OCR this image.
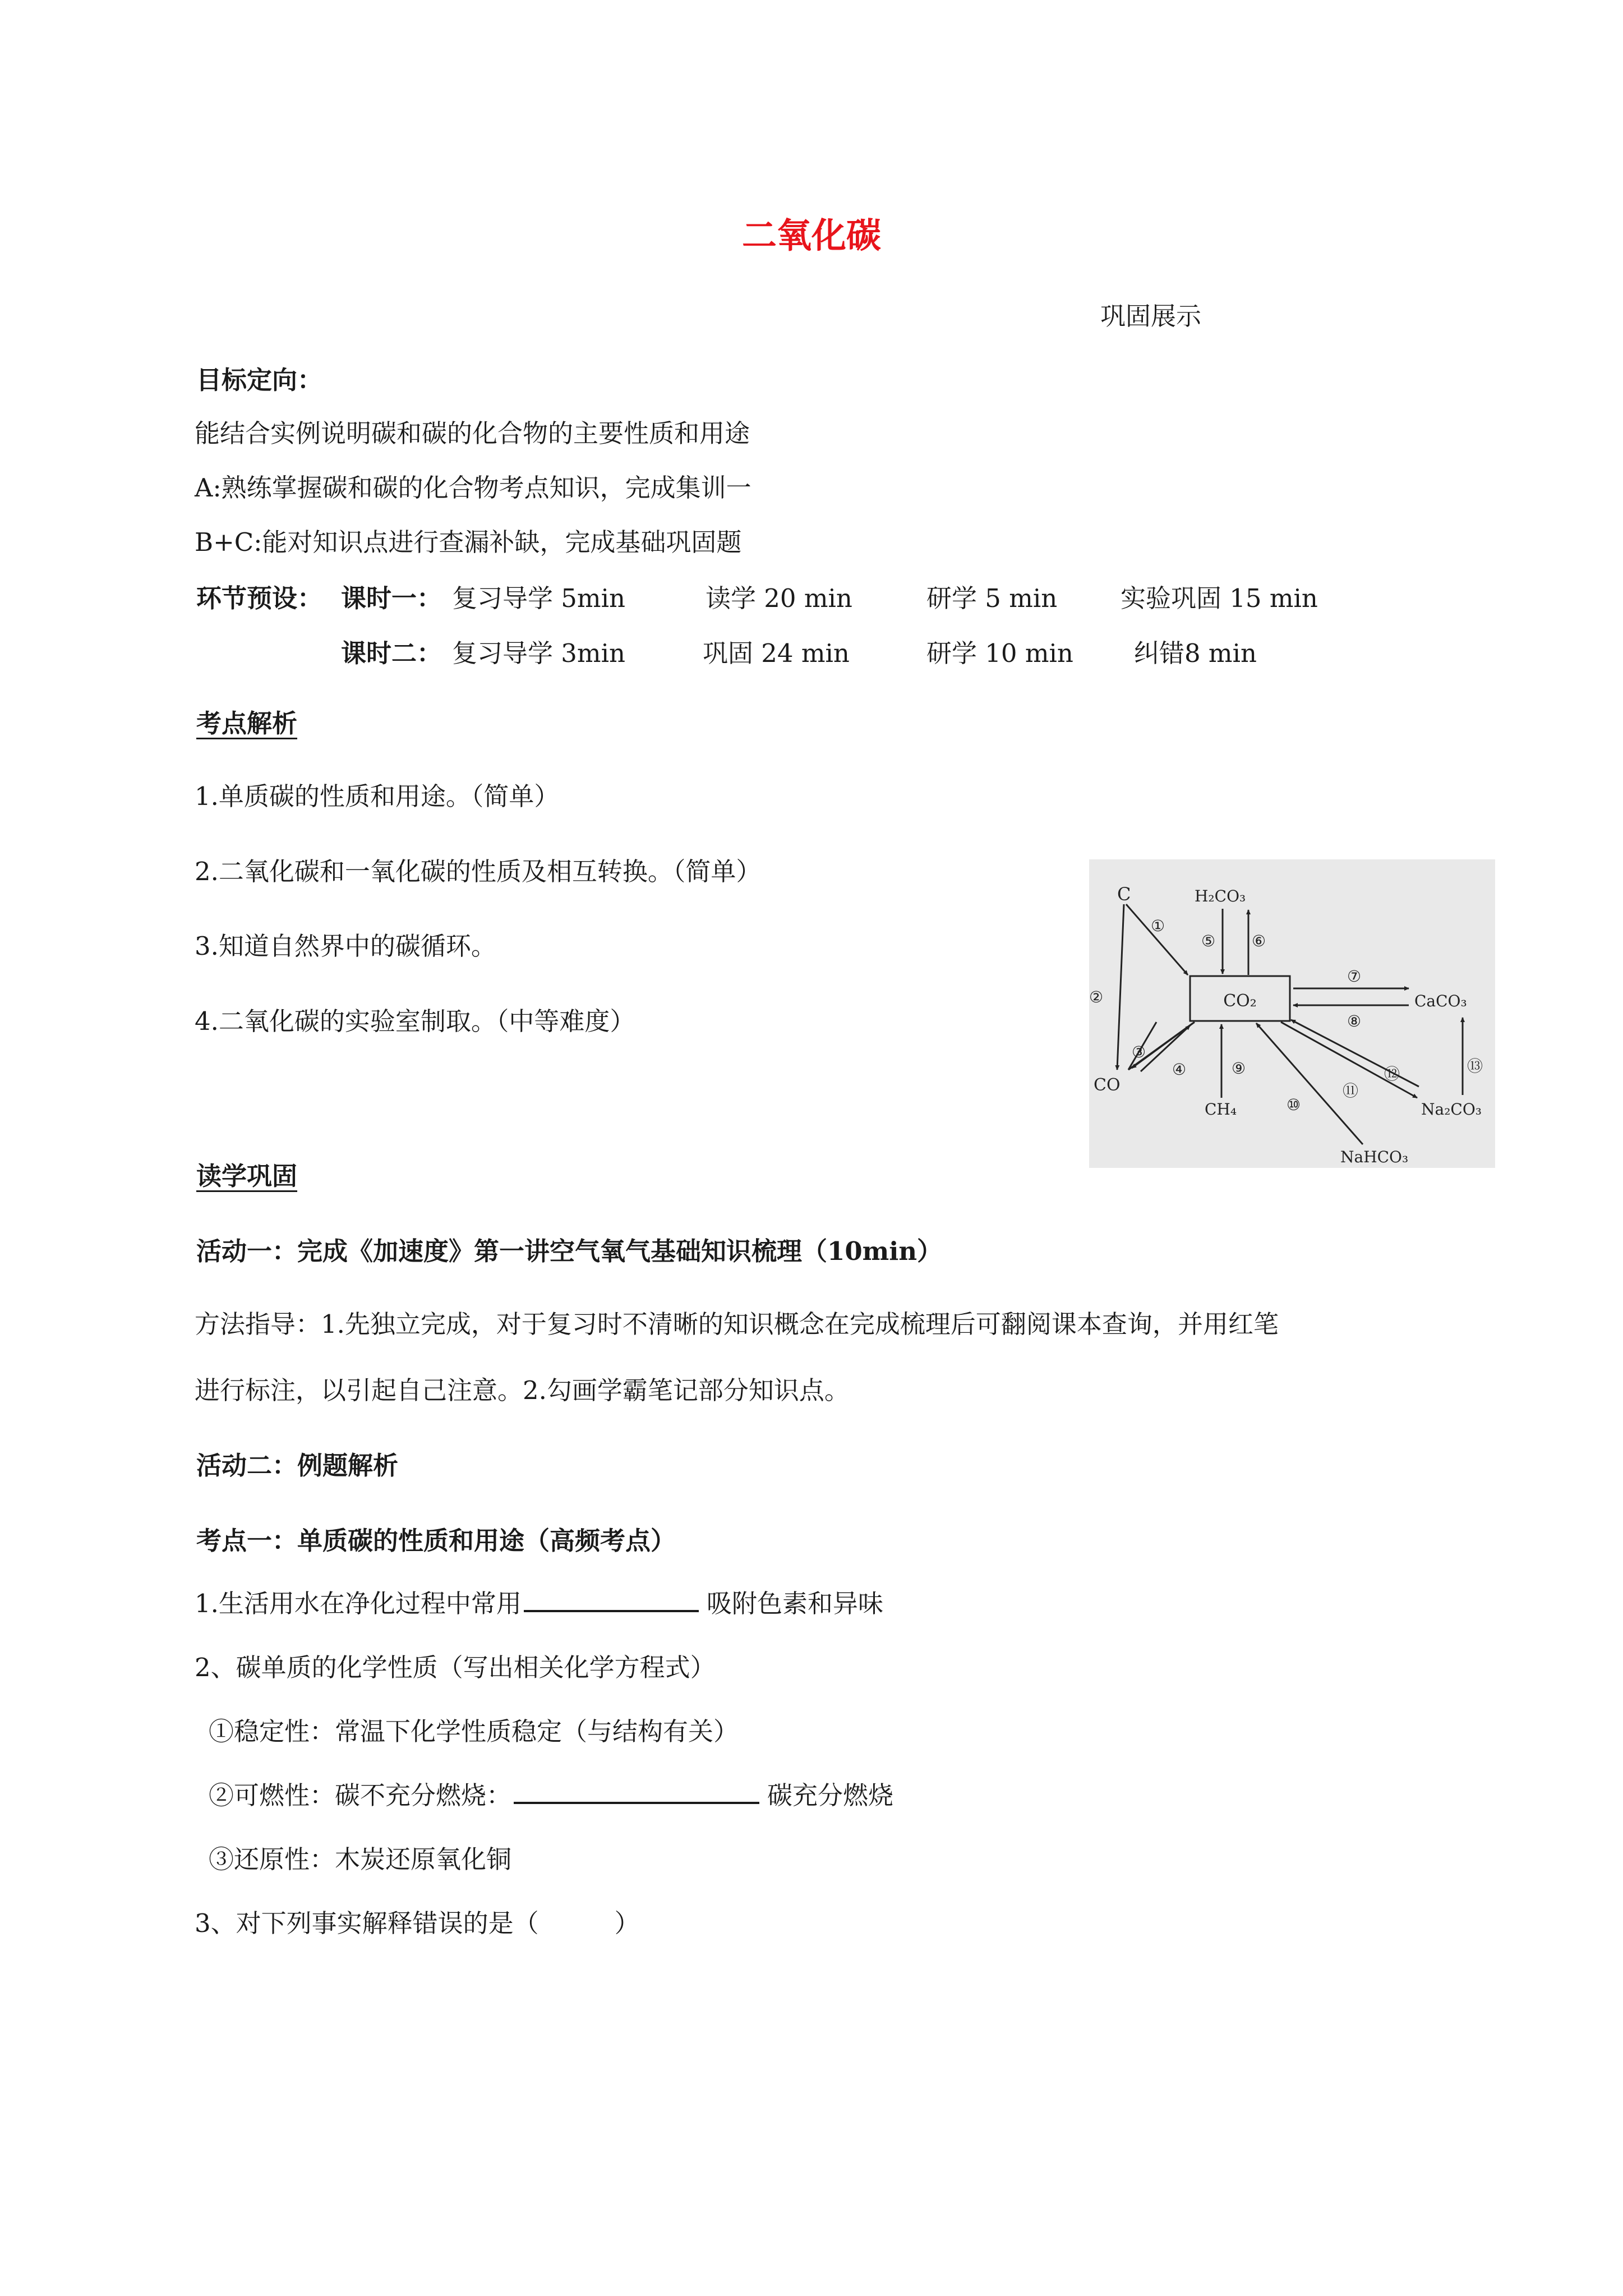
二氧化碳
巩固展示
目标定向：
能结合实例说明碳和碳的化合物的主要性质和用途
A:熟练掌握碳和碳的化合物考点知识，完成集训一
B+C:能对知识点进行查漏补缺，完成基础巩固题
环节预设： 课时一： 复习导学 5min	读学 20 min	研学 5 min	实验巩固 15 min
课时二： 复习导学 3min	巩固 24 min	研学 10 min 纠错8 min
考点解析
1.单质碳的性质和用途。（简单）
2.二氧化碳和一氧化碳的性质及相互转换。（简单）
3.知道自然界中的碳循环。
4.二氧化碳的实验室制取。（中等难度）
CO₂
C	H₂CO₃
CaCO₃
CO
CH₄	Na₂CO₃
NaHCO₃
①
②
③
④
⑤ ⑥
⑦
⑧
⑨
⑩
⑪
⑫	⑬
读学巩固
活动一：完成《加速度》第一讲空气氧气基础知识梳理（10min）
方法指导：1.先独立完成，对于复习时不清晰的知识概念在完成梳理后可翻阅课本查询，并用红笔
进行标注，以引起自己注意。2.勾画学霸笔记部分知识点。
活动二：例题解析
考点一：单质碳的性质和用途（高频考点）
1.生活用水在净化过程中常用	吸附色素和异味
2、碳单质的化学性质（写出相关化学方程式）
①稳定性：常温下化学性质稳定（与结构有关）
②可燃性：碳不充分燃烧：	碳充分燃烧
③还原性：木炭还原氧化铜
3、对下列事实解释错误的是（　　　）
